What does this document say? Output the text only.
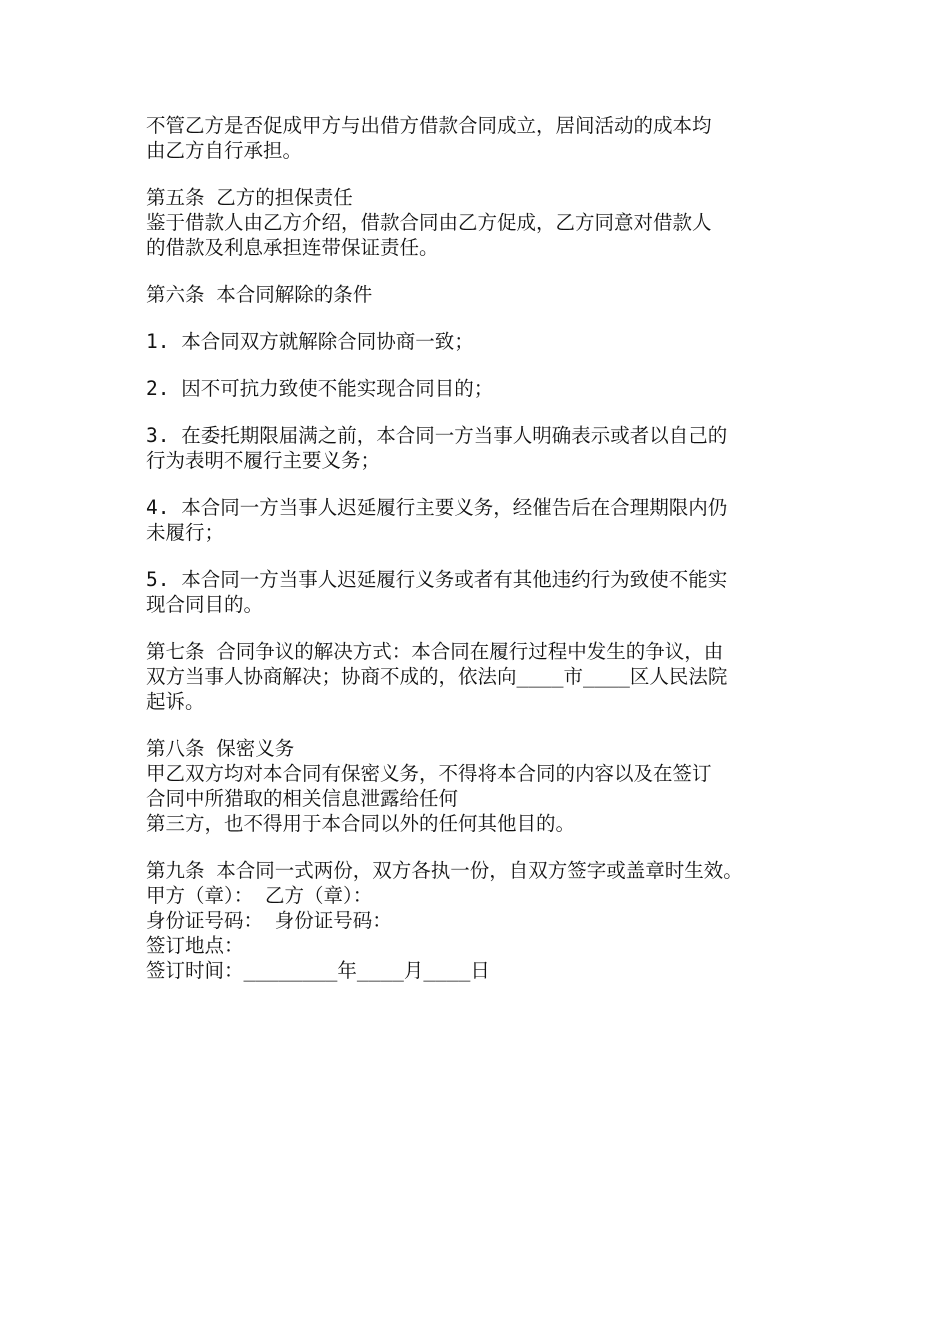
不管乙方是否促成甲方与出借方借款合同成立，居间活动的成本均
由乙方自行承担。
第五条 乙方的担保责任
鉴于借款人由乙方介绍，借款合同由乙方促成，乙方同意对借款人
的借款及利息承担连带保证责任。
第六条 本合同解除的条件
1. 本合同双方就解除合同协商一致；
2. 因不可抗力致使不能实现合同目的；
3. 在委托期限届满之前，本合同一方当事人明确表示或者以自己的
行为表明不履行主要义务；
4. 本合同一方当事人迟延履行主要义务，经催告后在合理期限内仍
未履行；
5. 本合同一方当事人迟延履行义务或者有其他违约行为致使不能实
现合同目的。
第七条 合同争议的解决方式：本合同在履行过程中发生的争议，由
双方当事人协商解决；协商不成的，依法向____市____区人民法院
起诉。
第八条 保密义务
甲乙双方均对本合同有保密义务，不得将本合同的内容以及在签订
合同中所猎取的相关信息泄露给任何
第三方，也不得用于本合同以外的任何其他目的。
第九条 本合同一式两份，双方各执一份，自双方签字或盖章时生效。
甲方（章）： 乙方（章）：
身份证号码： 身份证号码：
签订地点：
签订时间：________年____月____日
